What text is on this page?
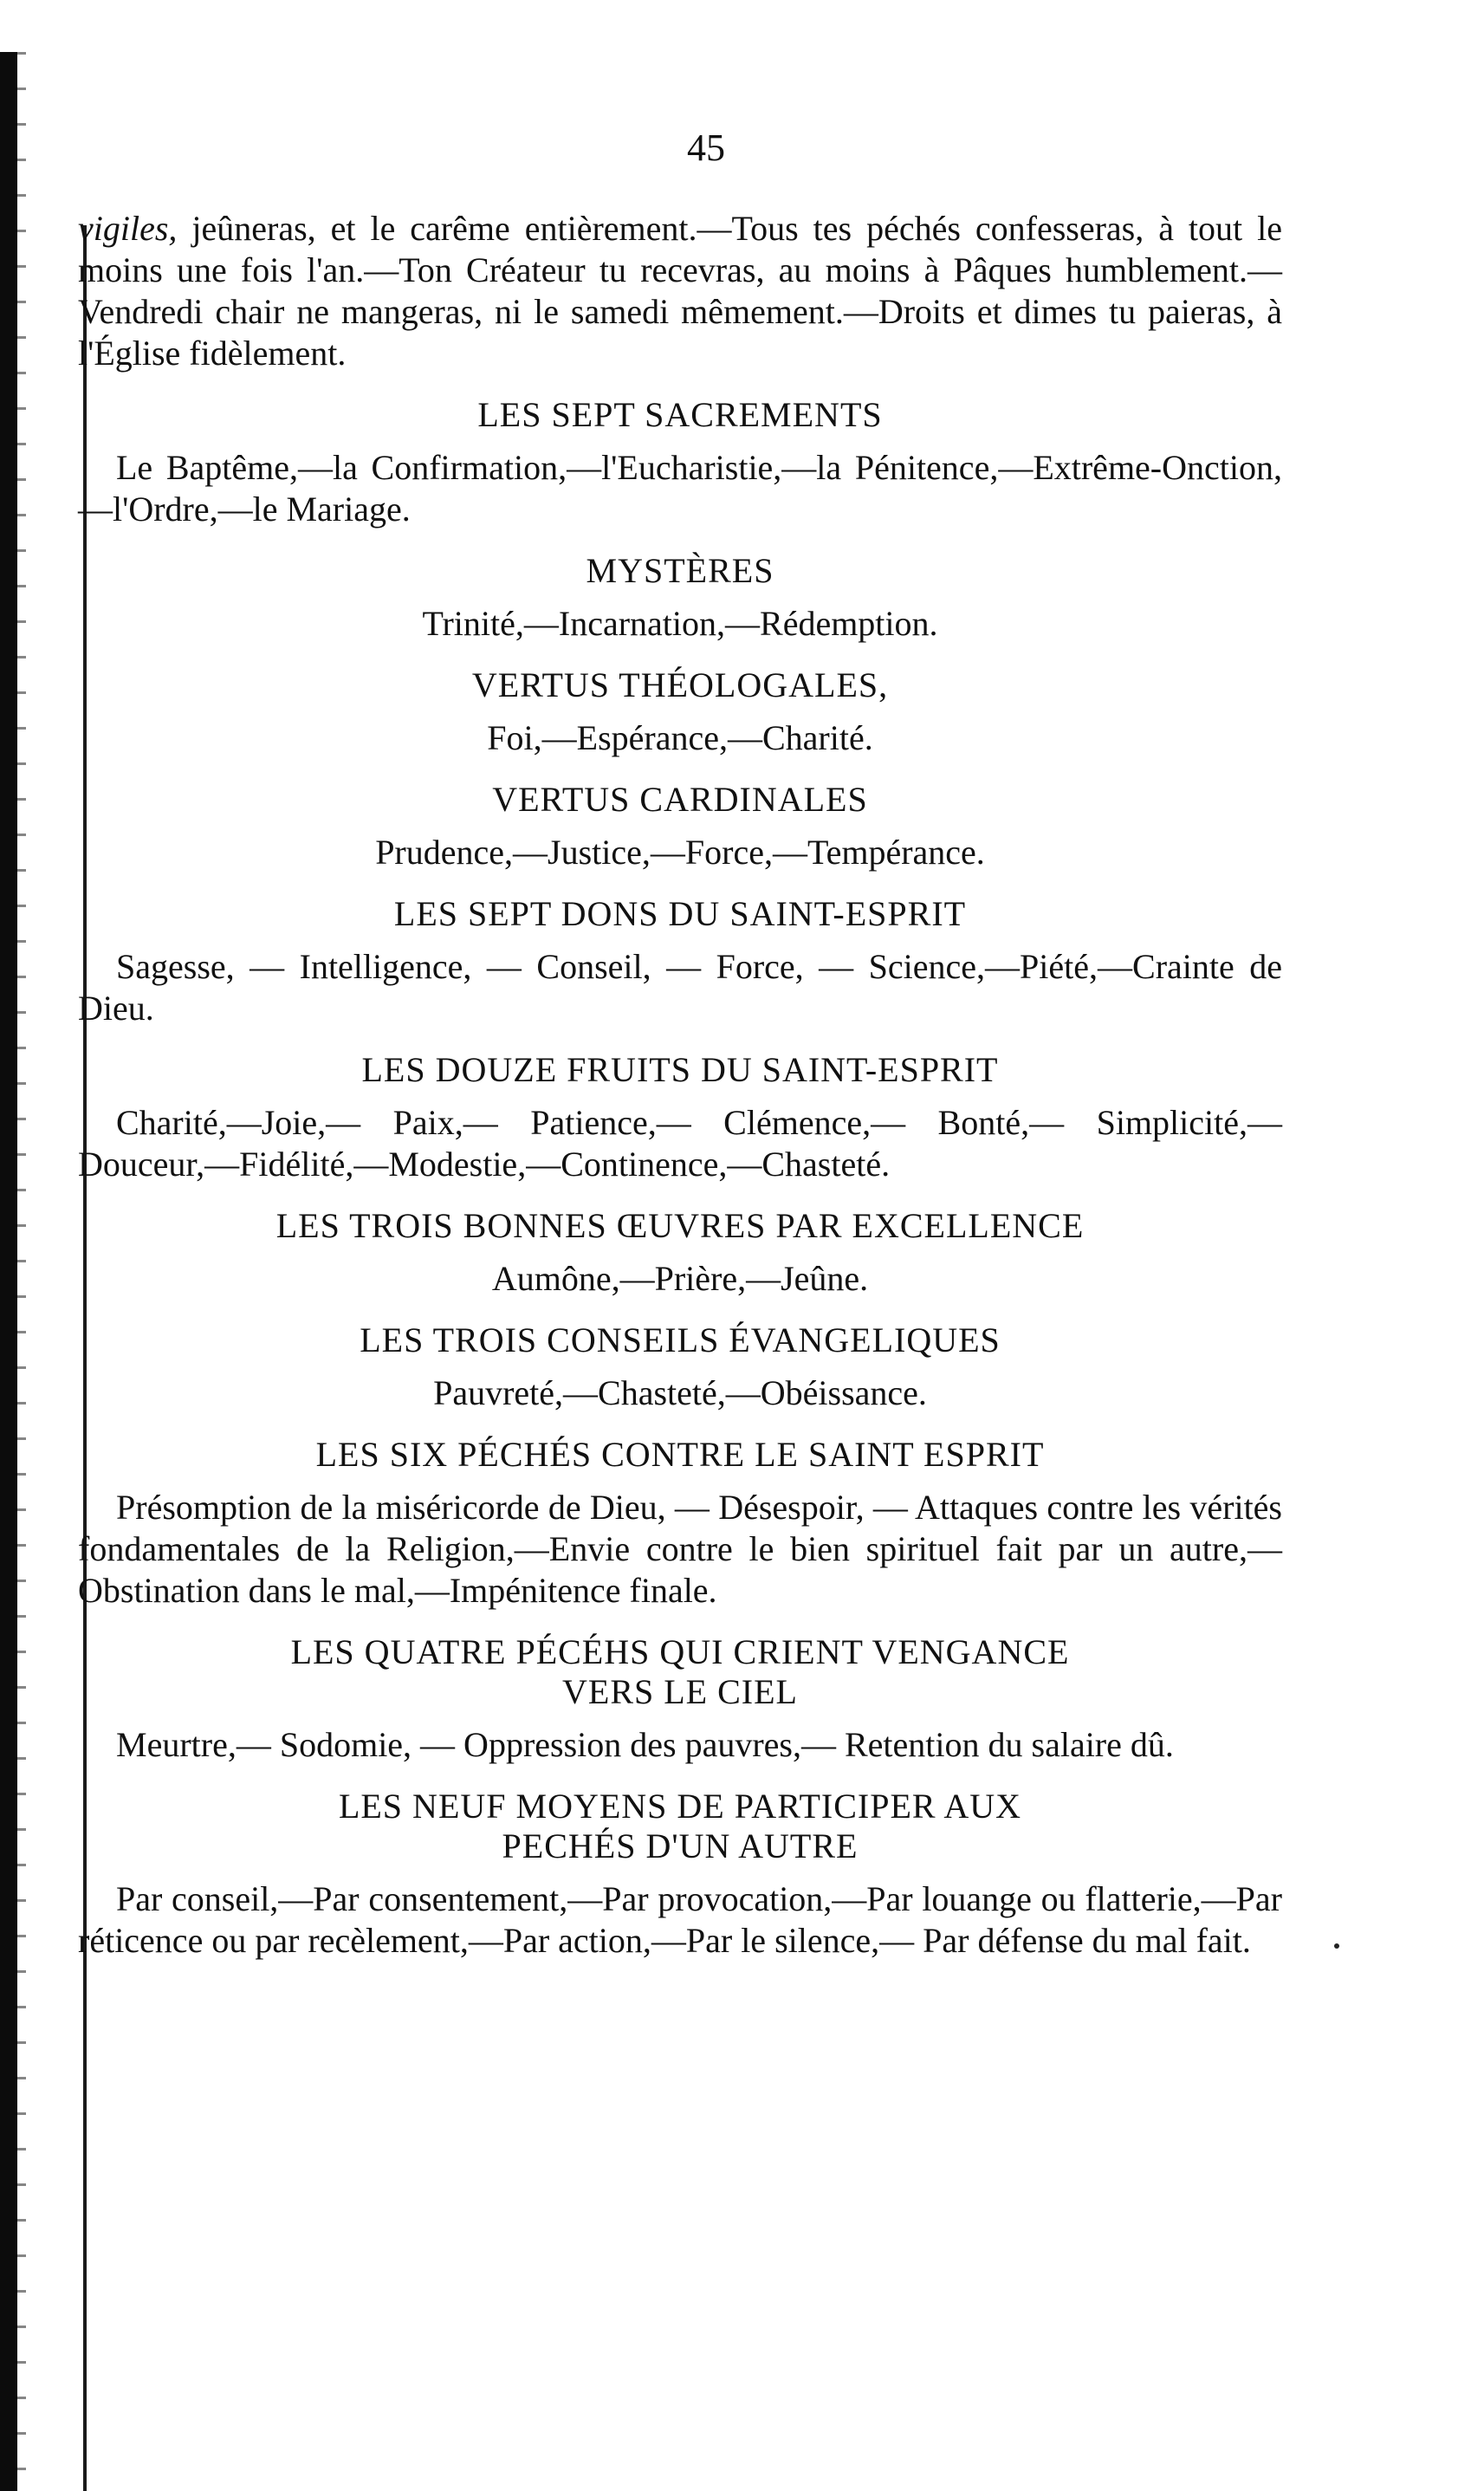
45

vigiles, jeûneras, et le carême entièrement.—Tous tes péchés confesseras, à tout le moins une fois l'an.—Ton Créateur tu recevras, au moins à Pâques humblement.—Vendredi chair ne mangeras, ni le samedi mêmement.—Droits et dimes tu paieras, à l'Église fidèlement.

LES SEPT SACREMENTS

Le Baptême,—la Confirmation,—l'Eucharistie,—la Pénitence,—Extrême-Onction,—l'Ordre,—le Mariage.

MYSTÈRES

Trinité,—Incarnation,—Rédemption.

VERTUS THÉOLOGALES,

Foi,—Espérance,—Charité.

VERTUS CARDINALES

Prudence,—Justice,—Force,—Tempérance.

LES SEPT DONS DU SAINT-ESPRIT

Sagesse, — Intelligence, — Conseil, — Force, — Science,—Piété,—Crainte de Dieu.

LES DOUZE FRUITS DU SAINT-ESPRIT

Charité,—Joie,— Paix,— Patience,— Clémence,— Bonté,— Simplicité,—Douceur,—Fidélité,—Modestie,—Continence,—Chasteté.

LES TROIS BONNES ŒUVRES PAR EXCELLENCE

Aumône,—Prière,—Jeûne.

LES TROIS CONSEILS ÉVANGELIQUES

Pauvreté,—Chasteté,—Obéissance.

LES SIX PÉCHÉS CONTRE LE SAINT ESPRIT

Présomption de la miséricorde de Dieu, — Désespoir, — Attaques contre les vérités fondamentales de la Religion,—Envie contre le bien spirituel fait par un autre,—Obstination dans le mal,—Impénitence finale.

LES QUATRE PÉCÉHS QUI CRIENT VENGANCE VERS LE CIEL

Meurtre,— Sodomie, — Oppression des pauvres,— Retention du salaire dû.

LES NEUF MOYENS DE PARTICIPER AUX PECHÉS D'UN AUTRE

Par conseil,—Par consentement,—Par provocation,—Par louange ou flatterie,—Par réticence ou par recèlement,—Par action,—Par le silence,— Par défense du mal fait.
